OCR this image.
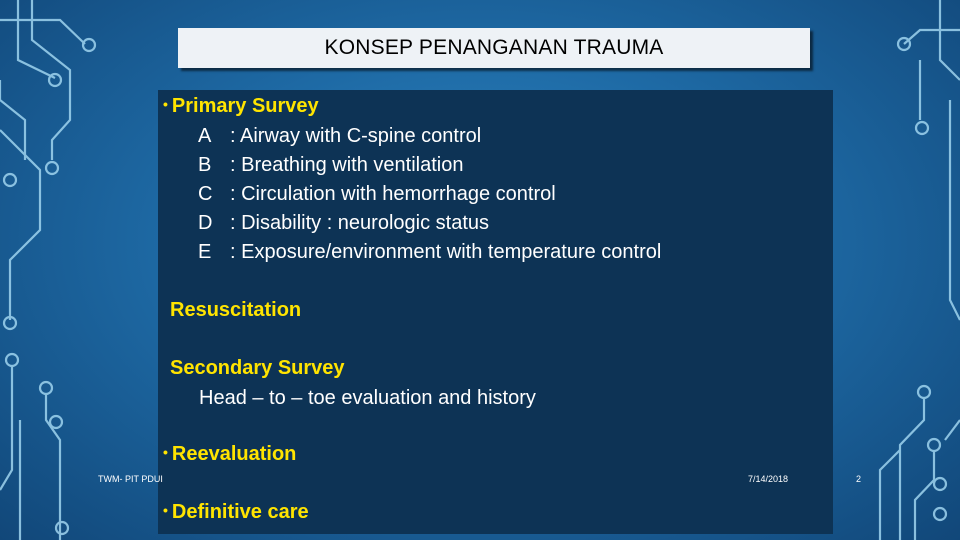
KONSEP PENANGANAN TRAUMA
• Primary Survey
A : Airway with C-spine control
B : Breathing with ventilation
C : Circulation with hemorrhage control
D : Disability : neurologic status
E : Exposure/environment with temperature control
Resuscitation
Secondary Survey
Head – to – toe evaluation and history
• Reevaluation
TWM- PIT PDUI	7/14/2018	2
• Definitive care
